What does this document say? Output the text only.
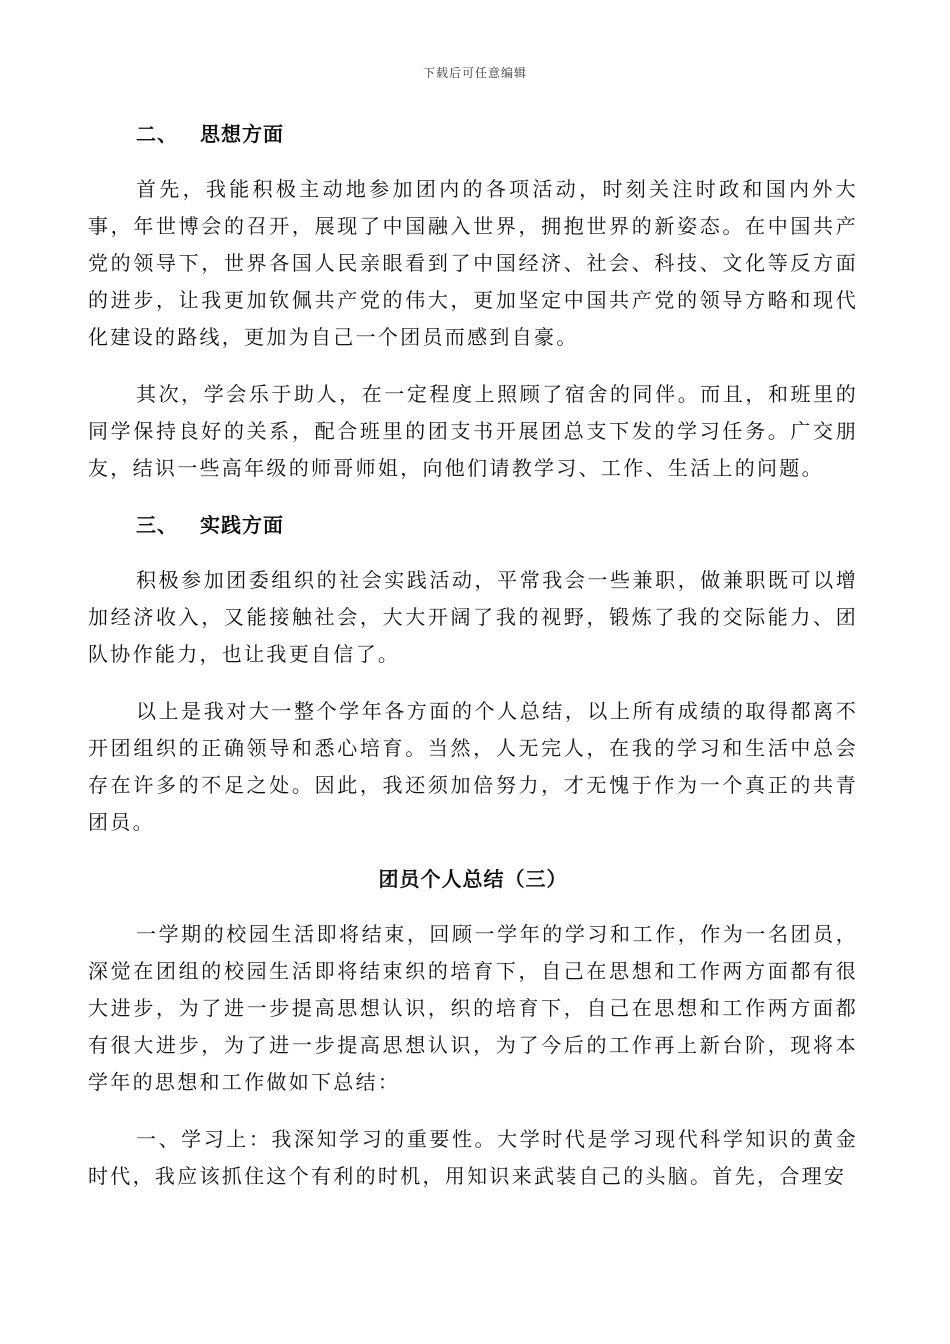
下载后可任意编辑
二、 思想方面

首先，我能积极主动地参加团内的各项活动，时刻关注时政和国内外大事，年世博会的召开，展现了中国融入世界，拥抱世界的新姿态。在中国共产党的领导下，世界各国人民亲眼看到了中国经济、社会、科技、文化等反方面的进步，让我更加钦佩共产党的伟大，更加坚定中国共产党的领导方略和现代化建设的路线，更加为自己一个团员而感到自豪。

其次，学会乐于助人，在一定程度上照顾了宿舍的同伴。而且，和班里的同学保持良好的关系，配合班里的团支书开展团总支下发的学习任务。广交朋友，结识一些高年级的师哥师姐，向他们请教学习、工作、生活上的问题。

三、 实践方面

积极参加团委组织的社会实践活动，平常我会一些兼职，做兼职既可以增加经济收入，又能接触社会，大大开阔了我的视野，锻炼了我的交际能力、团队协作能力，也让我更自信了。

以上是我对大一整个学年各方面的个人总结，以上所有成绩的取得都离不开团组织的正确领导和悉心培育。当然，人无完人，在我的学习和生活中总会存在许多的不足之处。因此，我还须加倍努力，才无愧于作为一个真正的共青团员。

团员个人总结（三）

一学期的校园生活即将结束，回顾一学年的学习和工作，作为一名团员，深觉在团组的校园生活即将结束织的培育下，自己在思想和工作两方面都有很大进步，为了进一步提高思想认识，织的培育下，自己在思想和工作两方面都有很大进步，为了进一步提高思想认识，为了今后的工作再上新台阶，现将本学年的思想和工作做如下总结：

一、学习上：我深知学习的重要性。大学时代是学习现代科学知识的黄金时代，我应该抓住这个有利的时机，用知识来武装自己的头脑。首先，合理安
